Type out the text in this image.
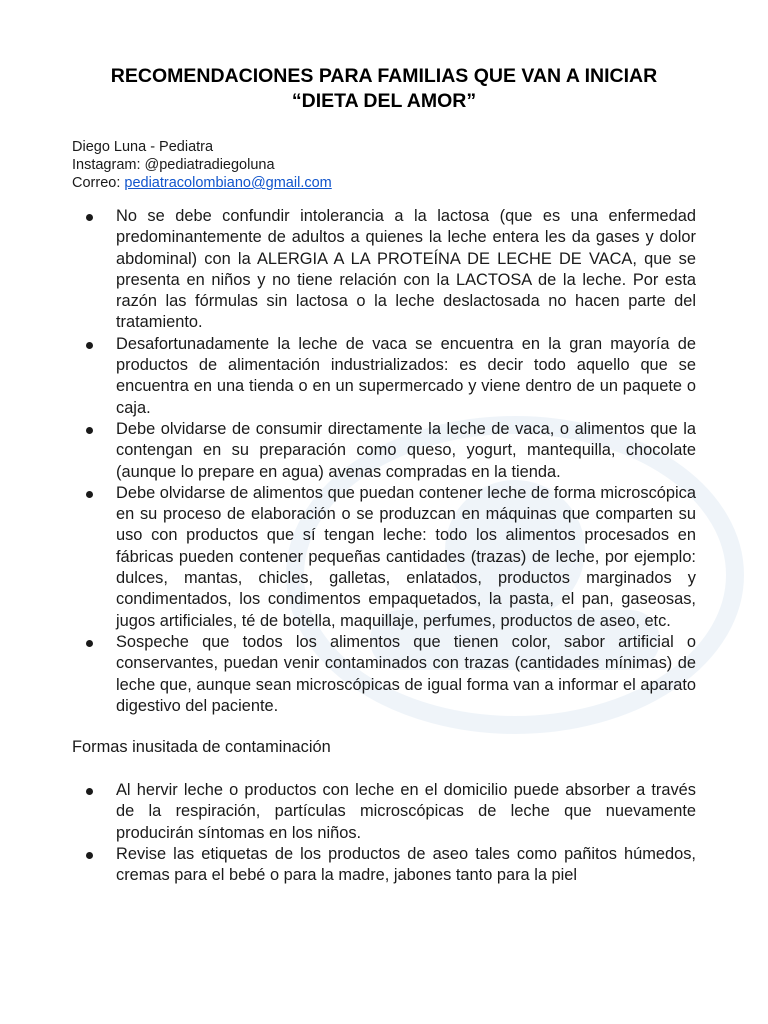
RECOMENDACIONES PARA FAMILIAS QUE VAN A INICIAR
“DIETA DEL AMOR”
Diego Luna - Pediatra
Instagram: @pediatradiegoluna
Correo: pediatracolombiano@gmail.com
No se debe confundir intolerancia a la lactosa (que es una enfermedad predominantemente de adultos a quienes la leche entera les da gases y dolor abdominal) con la ALERGIA A LA PROTEÍNA DE LECHE DE VACA, que se presenta en niños y no tiene relación con la LACTOSA de la leche. Por esta razón las fórmulas sin lactosa o la leche deslactosada no hacen parte del tratamiento.
Desafortunadamente la leche de vaca se encuentra en la gran mayoría de productos de alimentación industrializados: es decir todo aquello que se encuentra en una tienda o en un supermercado y viene dentro de un paquete o caja.
Debe olvidarse de consumir directamente la leche de vaca, o alimentos que la contengan en su preparación como queso, yogurt, mantequilla, chocolate (aunque lo prepare en agua) avenas compradas en la tienda.
Debe olvidarse de alimentos que puedan contener leche de forma microscópica en su proceso de elaboración o se produzcan en máquinas que comparten su uso con productos que sí tengan leche: todo los alimentos procesados en fábricas pueden contener pequeñas cantidades (trazas) de leche, por ejemplo: dulces, mantas, chicles, galletas, enlatados, productos marginados y condimentados, los condimentos empaquetados, la pasta, el pan, gaseosas, jugos artificiales, té de botella, maquillaje, perfumes, productos de aseo, etc.
Sospeche que todos los alimentos que tienen color, sabor artificial o conservantes, puedan venir contaminados con trazas (cantidades mínimas) de leche que, aunque sean microscópicas de igual forma van a informar el aparato digestivo del paciente.
Formas inusitada de contaminación
Al hervir leche o productos con leche en el domicilio puede absorber a través de la respiración, partículas microscópicas de leche que nuevamente producirán síntomas en los niños.
Revise las etiquetas de los productos de aseo tales como pañitos húmedos, cremas para el bebé o para la madre, jabones tanto para la piel
